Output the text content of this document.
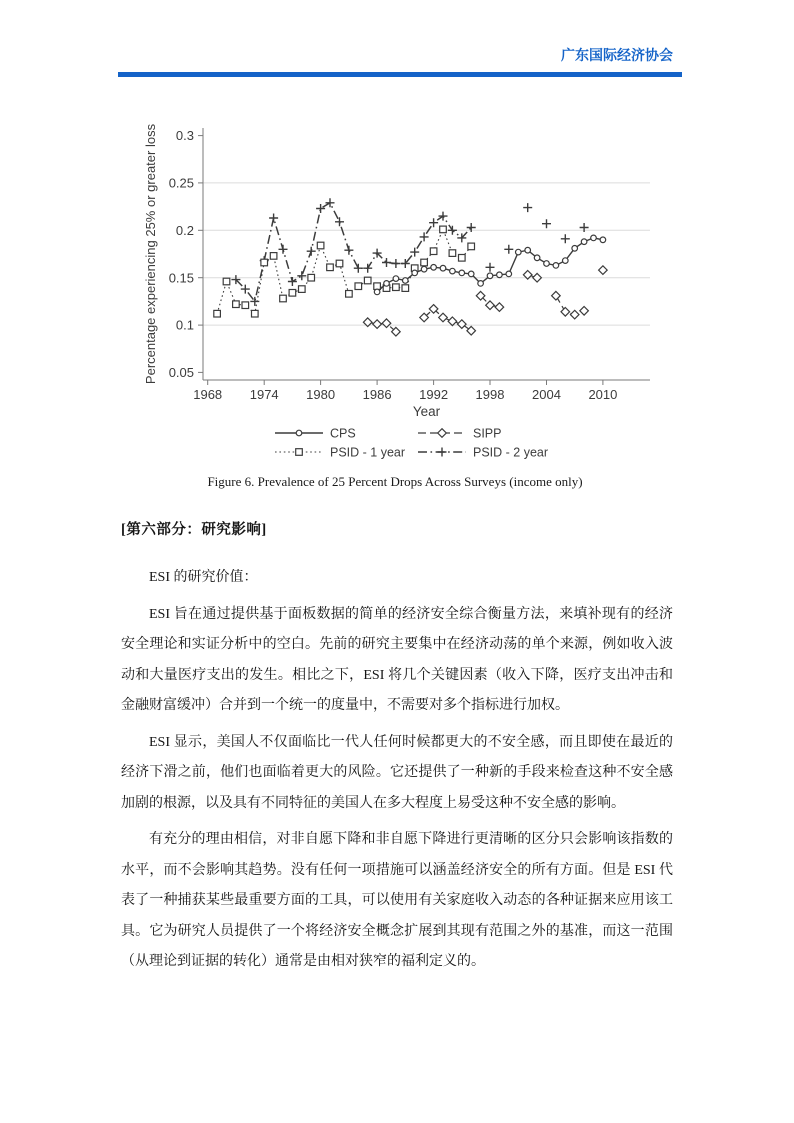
广东国际经济协会
0.05
0.1
0.15
0.2
0.25
0.3
1968 1974 1980 1986 1992 1998 2004 2010
Year
Percentage experiencing 25% or greater loss
CPS	SIPP
PSID - 1 year	PSID - 2 year
Figure 6. Prevalence of 25 Percent Drops Across Surveys (income only)
[第六部分：研究影响]

ESI 的研究价值：

ESI 旨在通过提供基于面板数据的简单的经济安全综合衡量方法，来填补现有的经济安全理论和实证分析中的空白。先前的研究主要集中在经济动荡的单个来源，例如收入波动和大量医疗支出的发生。相比之下，ESI 将几个关键因素（收入下降，医疗支出冲击和金融财富缓冲）合并到一个统一的度量中，不需要对多个指标进行加权。

ESI 显示，美国人不仅面临比一代人任何时候都更大的不安全感，而且即使在最近的经济下滑之前，他们也面临着更大的风险。它还提供了一种新的手段来检查这种不安全感加剧的根源，以及具有不同特征的美国人在多大程度上易受这种不安全感的影响。

有充分的理由相信，对非自愿下降和非自愿下降进行更清晰的区分只会影响该指数的水平，而不会影响其趋势。没有任何一项措施可以涵盖经济安全的所有方面。但是 ESI 代表了一种捕获某些最重要方面的工具，可以使用有关家庭收入动态的各种证据来应用该工具。它为研究人员提供了一个将经济安全概念扩展到其现有范围之外的基准，而这一范围（从理论到证据的转化）通常是由相对狭窄的福利定义的。
